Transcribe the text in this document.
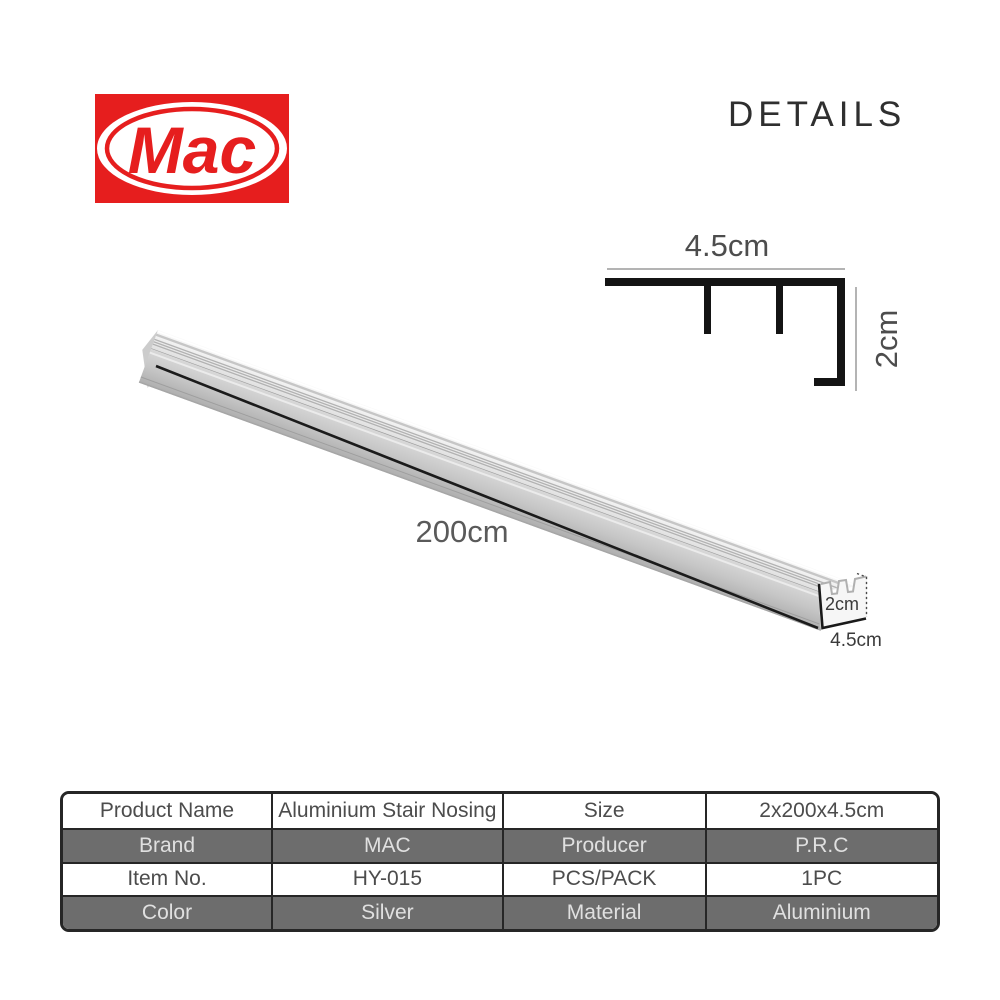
Mac	DETAILS
4.5cm
2cm
200cm
2cm
4.5cm
Product Name	Aluminium Stair Nosing	Size	2x200x4.5cm
Brand	MAC	Producer	P.R.C
Item No.	HY-015	PCS/PACK	1PC
Color	Silver	Material	Aluminium
